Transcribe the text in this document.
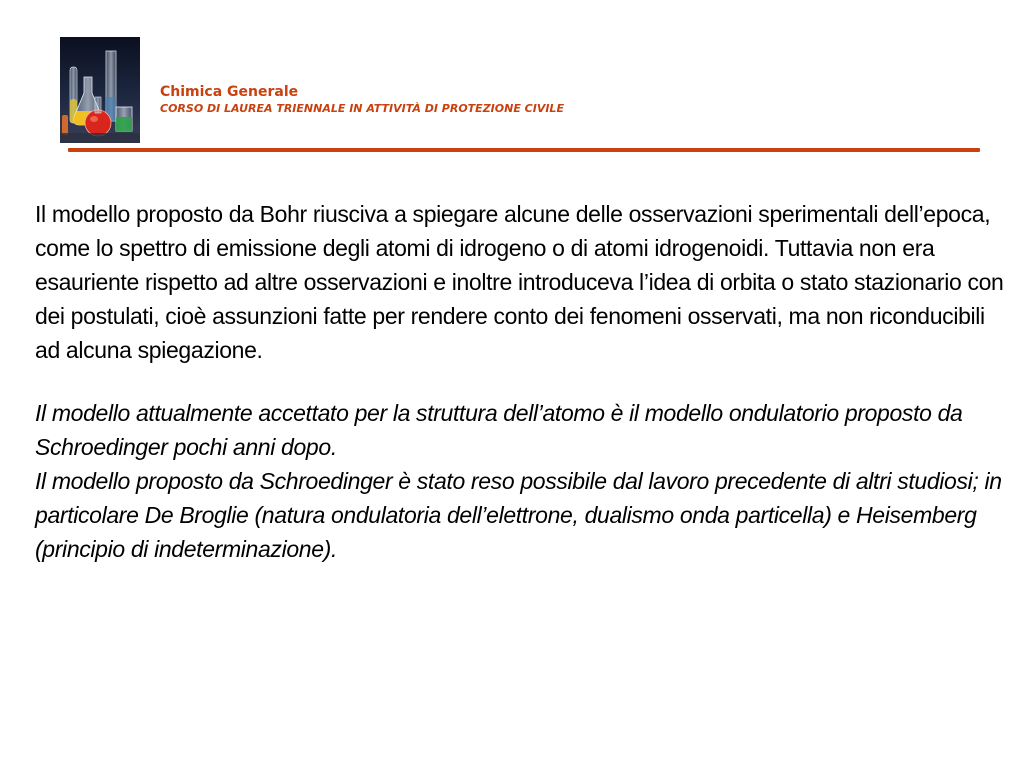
Chimica Generale
CORSO DI LAUREA TRIENNALE IN ATTIVITÀ DI PROTEZIONE CIVILE

Il modello proposto da Bohr riusciva a spiegare alcune delle osservazioni sperimentali dell’epoca, come lo spettro di emissione degli atomi di idrogeno o di atomi idrogenoidi. Tuttavia non era esauriente rispetto ad altre osservazioni e inoltre introduceva l’idea di orbita o stato stazionario con dei postulati, cioè assunzioni fatte per rendere conto dei fenomeni osservati, ma non riconducibili ad alcuna spiegazione.

Il modello attualmente accettato per la struttura dell’atomo è il modello ondulatorio proposto da Schroedinger pochi anni dopo.

Il modello proposto da Schroedinger è stato reso possibile dal lavoro precedente di altri studiosi; in particolare De Broglie (natura ondulatoria dell’elettrone, dualismo onda particella) e Heisemberg (principio di indeterminazione).
